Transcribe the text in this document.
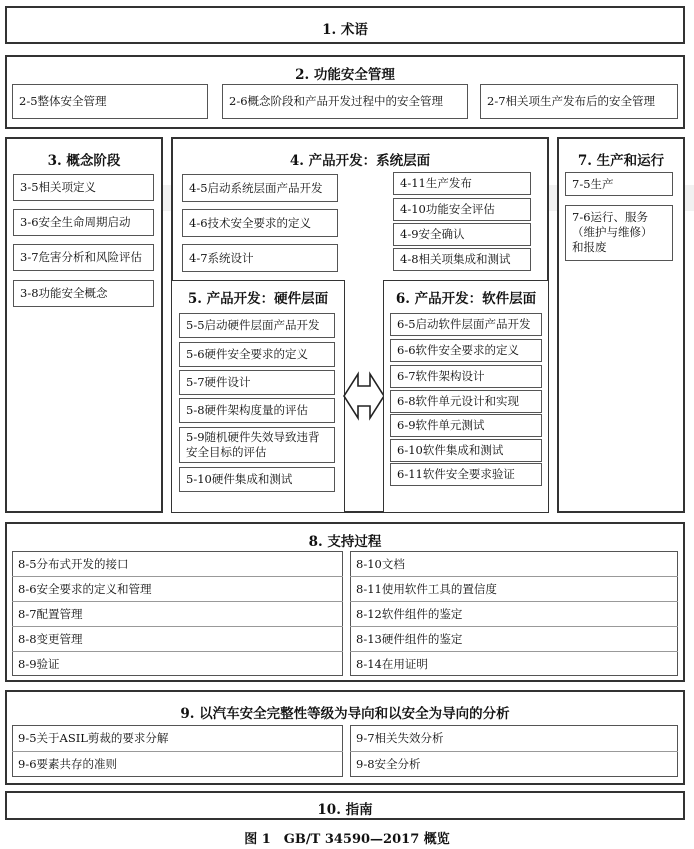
1. 术语
2. 功能安全管理
2-5整体安全管理	2-6概念阶段和产品开发过程中的安全管理	2-7相关项生产发布后的安全管理
3. 概念阶段
3-5相关项定义
3-6安全生命周期启动
3-7危害分析和风险评估
3-8功能安全概念
4. 产品开发：系统层面
4-5启动系统层面产品开发
4-6技术安全要求的定义
4-7系统设计
4-11生产发布
4-10功能安全评估
4-9安全确认
4-8相关项集成和测试
5. 产品开发：硬件层面
5-5启动硬件层面产品开发
5-6硬件安全要求的定义
5-7硬件设计
5-8硬件架构度量的评估
5-9随机硬件失效导致违背
安全目标的评估
5-10硬件集成和测试
6. 产品开发：软件层面
6-5启动软件层面产品开发
6-6软件安全要求的定义
6-7软件架构设计
6-8软件单元设计和实现
6-9软件单元测试
6-10软件集成和测试
6-11软件安全要求验证
7. 生产和运行
7-5生产
7-6运行、服务
（维护与维修）
和报废
8. 支持过程
8-5分布式开发的接口
8-6安全要求的定义和管理
8-7配置管理
8-8变更管理
8-9验证
8-10文档
8-11使用软件工具的置信度
8-12软件组件的鉴定
8-13硬件组件的鉴定
8-14在用证明
9. 以汽车安全完整性等级为导向和以安全为导向的分析
9-5关于ASIL剪裁的要求分解
9-6要素共存的准则
9-7相关失效分析
9-8安全分析
10. 指南
图 1　GB/T 34590—2017 概览
